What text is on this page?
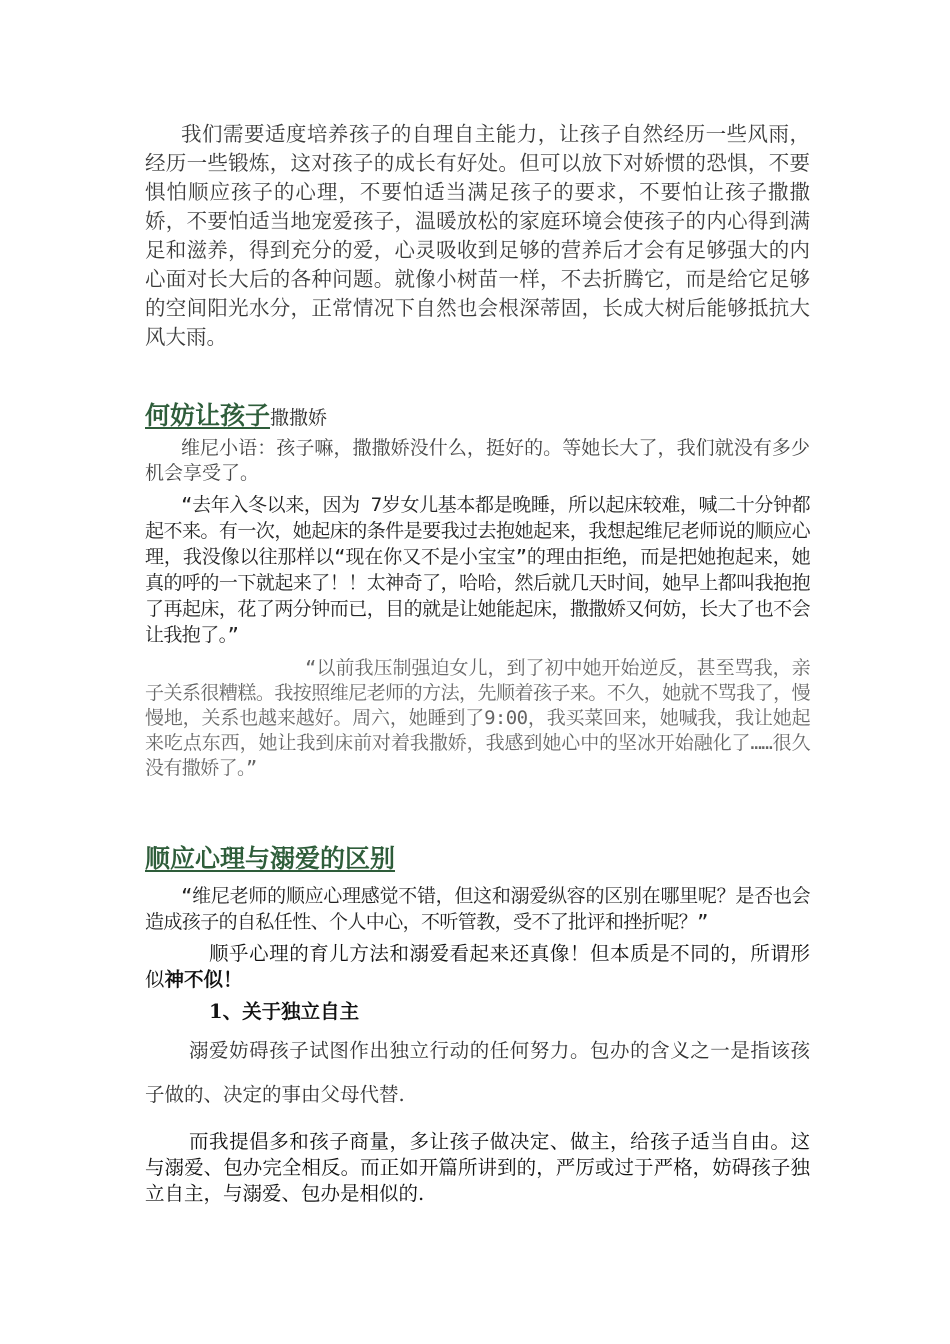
我们需要适度培养孩子的自理自主能力，让孩子自然经历一些风雨，经历一些锻炼，这对孩子的成长有好处。但可以放下对娇惯的恐惧，不要惧怕顺应孩子的心理，不要怕适当满足孩子的要求，不要怕让孩子撒撒娇，不要怕适当地宠爱孩子，温暖放松的家庭环境会使孩子的内心得到满足和滋养，得到充分的爱，心灵吸收到足够的营养后才会有足够强大的内心面对长大后的各种问题。就像小树苗一样，不去折腾它，而是给它足够的空间阳光水分，正常情况下自然也会根深蒂固，长成大树后能够抵抗大风大雨。

何妨让孩子撒撒娇

维尼小语：孩子嘛，撒撒娇没什么，挺好的。等她长大了，我们就没有多少机会享受了。

“去年入冬以来，因为 7岁女儿基本都是晚睡，所以起床较难，喊二十分钟都起不来。有一次，她起床的条件是要我过去抱她起来，我想起维尼老师说的顺应心理，我没像以往那样以“现在你又不是小宝宝”的理由拒绝，而是把她抱起来，她真的呼的一下就起来了！！太神奇了，哈哈，然后就几天时间，她早上都叫我抱抱了再起床，花了两分钟而已，目的就是让她能起床，撒撒娇又何妨，长大了也不会让我抱了。”

“以前我压制强迫女儿，到了初中她开始逆反，甚至骂我，亲子关系很糟糕。我按照维尼老师的方法，先顺着孩子来。不久，她就不骂我了，慢慢地，关系也越来越好。周六，她睡到了9:00，我买菜回来，她喊我，我让她起来吃点东西，她让我到床前对着我撒娇，我感到她心中的坚冰开始融化了……很久没有撒娇了。”

顺应心理与溺爱的区别

“维尼老师的顺应心理感觉不错，但这和溺爱纵容的区别在哪里呢？是否也会造成孩子的自私任性、个人中心，不听管教，受不了批评和挫折呢？”

顺乎心理的育儿方法和溺爱看起来还真像！但本质是不同的，所谓形似神不似！

1、关于独立自主

溺爱妨碍孩子试图作出独立行动的任何努力。包办的含义之一是指该孩子做的、决定的事由父母代替.

而我提倡多和孩子商量，多让孩子做决定、做主，给孩子适当自由。这与溺爱、包办完全相反。而正如开篇所讲到的，严厉或过于严格，妨碍孩子独立自主，与溺爱、包办是相似的.
